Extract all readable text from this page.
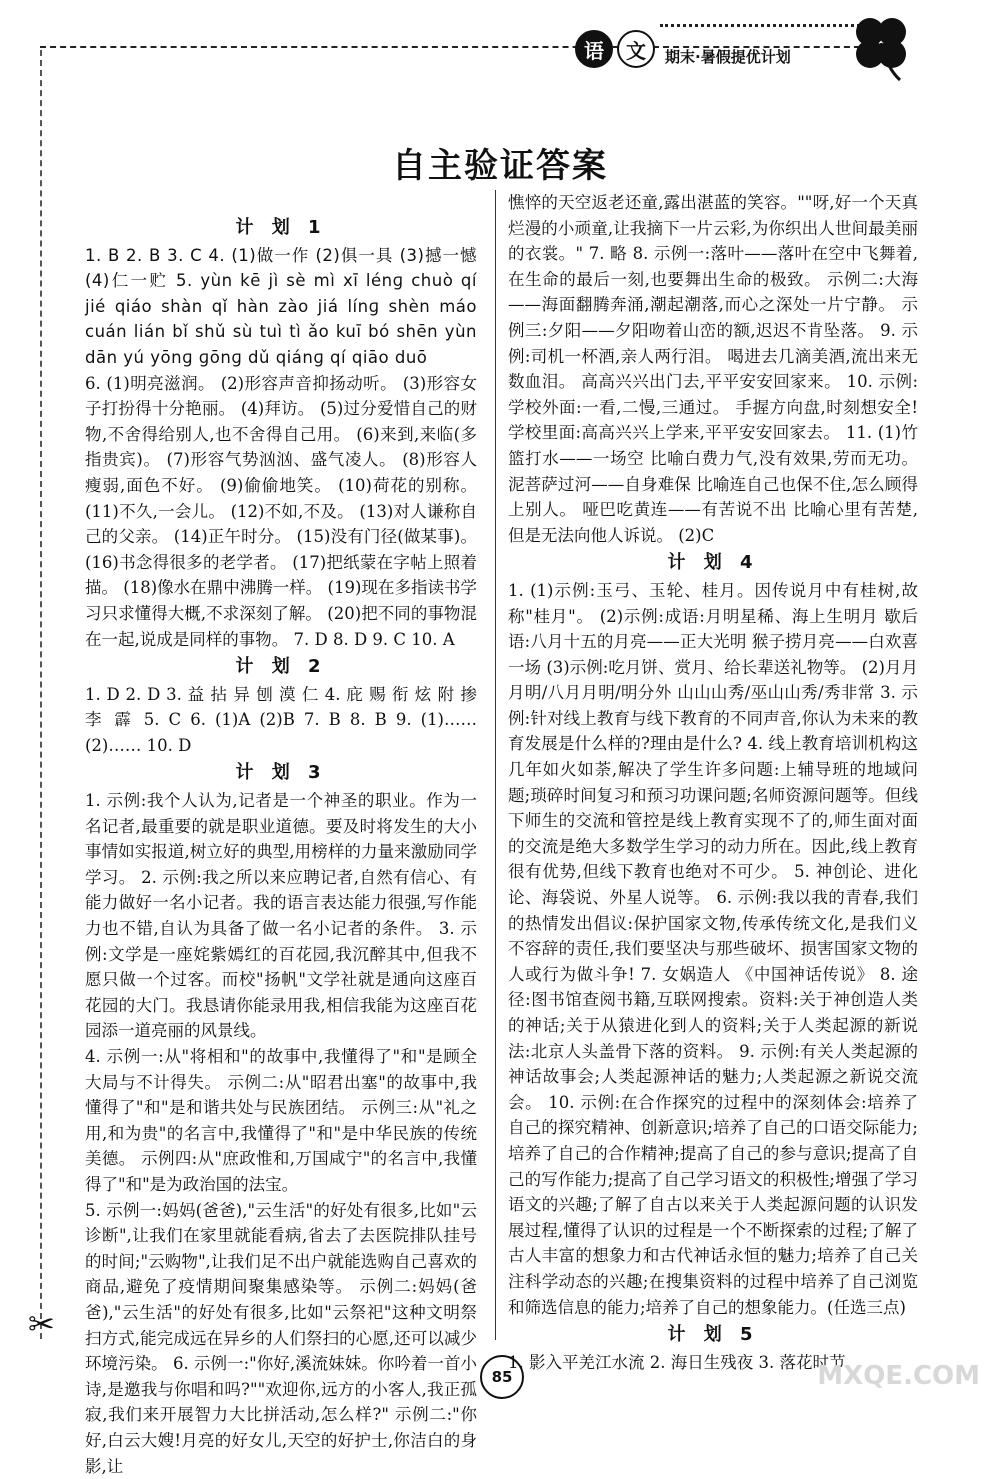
语	文	期末·暑假提优计划
自主验证答案
计 划 1

1. B 2. B 3. C 4. (1)做一作 (2)俱一具 (3)撼一憾 (4)仁一贮 5. yùn kē jì sè mì xī lénɡ chuò qí jié qiáo shàn qǐ hàn zào jiá línɡ shèn máo cuán lián bǐ shǔ sù tuì tì ǎo kuī bó shēn yùn dān yú yōnɡ ɡōnɡ dǔ qiánɡ qí qiāo duō

6. (1)明亮滋润。 (2)形容声音抑扬动听。 (3)形容女子打扮得十分艳丽。 (4)拜访。 (5)过分爱惜自己的财物,不舍得给别人,也不舍得自己用。 (6)来到,来临(多指贵宾)。 (7)形容气势汹汹、盛气凌人。 (8)形容人瘦弱,面色不好。 (9)偷偷地笑。 (10)荷花的别称。 (11)不久,一会儿。 (12)不如,不及。 (13)对人谦称自己的父亲。 (14)正午时分。 (15)没有门径(做某事)。 (16)书念得很多的老学者。 (17)把纸蒙在字帖上照着描。 (18)像水在鼎中沸腾一样。 (19)现在多指读书学习只求懂得大概,不求深刻了解。 (20)把不同的事物混在一起,说成是同样的事物。 7. D 8. D 9. C 10. A

计 划 2

1. D 2. D 3. 益 拈 异 刨 漠 仁 4. 庇 赐 衔 炫 附 掺 李 霹 5. C 6. (1)A (2)B 7. B 8. B 9. (1)…… (2)…… 10. D

计 划 3

1. 示例:我个人认为,记者是一个神圣的职业。作为一名记者,最重要的就是职业道德。要及时将发生的大小事情如实报道,树立好的典型,用榜样的力量来激励同学学习。 2. 示例:我之所以来应聘记者,自然有信心、有能力做好一名小记者。我的语言表达能力很强,写作能力也不错,自认为具备了做一名小记者的条件。 3. 示例:文学是一座姹紫嫣红的百花园,我沉醉其中,但我不愿只做一个过客。而校"扬帆"文学社就是通向这座百花园的大门。我恳请你能录用我,相信我能为这座百花园添一道亮丽的风景线。

4. 示例一:从"将相和"的故事中,我懂得了"和"是顾全大局与不计得失。 示例二:从"昭君出塞"的故事中,我懂得了"和"是和谐共处与民族团结。 示例三:从"礼之用,和为贵"的名言中,我懂得了"和"是中华民族的传统美德。 示例四:从"庶政惟和,万国咸宁"的名言中,我懂得了"和"是为政治国的法宝。

5. 示例一:妈妈(爸爸),"云生活"的好处有很多,比如"云诊断",让我们在家里就能看病,省去了去医院排队挂号的时间;"云购物",让我们足不出户就能选购自己喜欢的商品,避免了疫情期间聚集感染等。 示例二:妈妈(爸爸),"云生活"的好处有很多,比如"云祭祀"这种文明祭扫方式,能完成远在异乡的人们祭扫的心愿,还可以减少环境污染。 6. 示例一:"你好,溪流妹妹。你吟着一首小诗,是邀我与你唱和吗?""欢迎你,远方的小客人,我正孤寂,我们来开展智力大比拼活动,怎么样?" 示例二:"你好,白云大嫂!月亮的好女儿,天空的好护士,你洁白的身影,让

憔悴的天空返老还童,露出湛蓝的笑容。""呀,好一个天真烂漫的小顽童,让我摘下一片云彩,为你织出人世间最美丽的衣裳。" 7. 略 8. 示例一:落叶——落叶在空中飞舞着,在生命的最后一刻,也要舞出生命的极致。 示例二:大海——海面翻腾奔涌,潮起潮落,而心之深处一片宁静。 示例三:夕阳——夕阳吻着山峦的额,迟迟不肯坠落。 9. 示例:司机一杯酒,亲人两行泪。 喝进去几滴美酒,流出来无数血泪。 高高兴兴出门去,平平安安回家来。 10. 示例:学校外面:一看,二慢,三通过。 手握方向盘,时刻想安全! 学校里面:高高兴兴上学来,平平安安回家去。 11. (1)竹篮打水——一场空 比喻白费力气,没有效果,劳而无功。 泥菩萨过河——自身难保 比喻连自己也保不住,怎么顾得上别人。 哑巴吃黄连——有苦说不出 比喻心里有苦楚,但是无法向他人诉说。 (2)C

计 划 4

1. (1)示例:玉弓、玉轮、桂月。因传说月中有桂树,故称"桂月"。 (2)示例:成语:月明星稀、海上生明月 歇后语:八月十五的月亮——正大光明 猴子捞月亮——白欢喜一场 (3)示例:吃月饼、赏月、给长辈送礼物等。 (2)月月月明/八月月明/明分外 山山山秀/巫山山秀/秀非常 3. 示例:针对线上教育与线下教育的不同声音,你认为未来的教育发展是什么样的?理由是什么? 4. 线上教育培训机构这几年如火如荼,解决了学生许多问题:上辅导班的地域问题;琐碎时间复习和预习功课问题;名师资源问题等。但线下师生的交流和管控是线上教育实现不了的,师生面对面的交流是绝大多数学生学习的动力所在。因此,线上教育很有优势,但线下教育也绝对不可少。 5. 神创论、进化论、海袋说、外星人说等。 6. 示例:我以我的青春,我们的热情发出倡议:保护国家文物,传承传统文化,是我们义不容辞的责任,我们要坚决与那些破坏、损害国家文物的人或行为做斗争! 7. 女娲造人 《中国神话传说》 8. 途径:图书馆查阅书籍,互联网搜索。资料:关于神创造人类的神话;关于从猿进化到人的资料;关于人类起源的新说法:北京人头盖骨下落的资料。 9. 示例:有关人类起源的神话故事会;人类起源神话的魅力;人类起源之新说交流会。 10. 示例:在合作探究的过程中的深刻体会:培养了自己的探究精神、创新意识;培养了自己的口语交际能力;培养了自己的合作精神;提高了自己的参与意识;提高了自己的写作能力;提高了自己学习语文的积极性;增强了学习语文的兴趣;了解了自古以来关于人类起源问题的认识发展过程,懂得了认识的过程是一个不断探索的过程;了解了古人丰富的想象力和古代神话永恒的魅力;培养了自己关注科学动态的兴趣;在搜集资料的过程中培养了自己浏览和筛选信息的能力;培养了自己的想象能力。(任选三点)

计 划 5

1. 影入平羌江水流 2. 海日生残夜 3. 落花时节

✂
85	MXQE.COM
